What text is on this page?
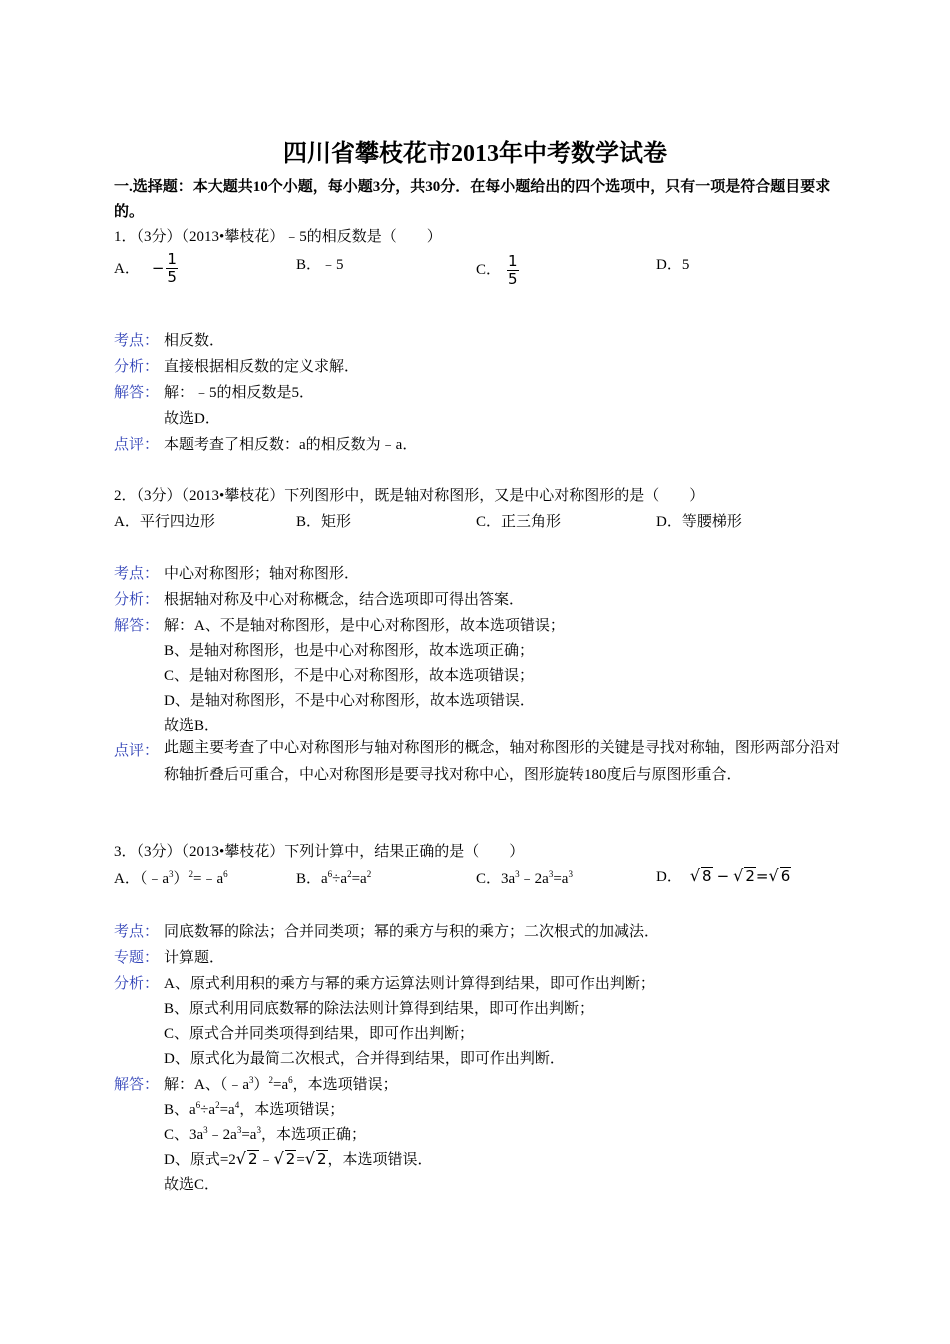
四川省攀枝花市2013年中考数学试卷
一.选择题：本大题共10个小题，每小题3分，共30分．在每小题给出的四个选项中，只有一项是符合题目要求的。
1．（3分）（2013•攀枝花）﹣5的相反数是（　　）
A． − $\frac{1}{5}$	B．﹣5	C． $\frac{1}{5}$	D．5
考点： 相反数．
分析： 直接根据相反数的定义求解．
解答： 解：﹣5的相反数是5．
故选D．
点评： 本题考查了相反数：a的相反数为﹣a．
2．（3分）（2013•攀枝花）下列图形中，既是轴对称图形，又是中心对称图形的是（　　）
A．平行四边形	B．矩形	C．正三角形	D．等腰梯形
考点： 中心对称图形；轴对称图形．
分析： 根据轴对称及中心对称概念，结合选项即可得出答案．
解答： 解：A、不是轴对称图形，是中心对称图形，故本选项错误；
B、是轴对称图形，也是中心对称图形，故本选项正确；
C、是轴对称图形，不是中心对称图形，故本选项错误；
D、是轴对称图形，不是中心对称图形，故本选项错误．
故选B．
点评： 此题主要考查了中心对称图形与轴对称图形的概念，轴对称图形的关键是寻找对称轴，图形两部分沿对称轴折叠后可重合，中心对称图形是要寻找对称中心，图形旋转180度后与原图形重合．
3．（3分）（2013•攀枝花）下列计算中，结果正确的是（　　）
A．$(﹣a^3)^2=﹣a^6$	B．$a^6\div a^2=a^2$	C．$3a^3﹣2a^3=a^3$	D． √ 8 − √ 2=√ 6
考点： 同底数幂的除法；合并同类项；幂的乘方与积的乘方；二次根式的加减法．
专题： 计算题．
分析： A、原式利用积的乘方与幂的乘方运算法则计算得到结果，即可作出判断；
B、原式利用同底数幂的除法法则计算得到结果，即可作出判断；
C、原式合并同类项得到结果，即可作出判断；
D、原式化为最简二次根式，合并得到结果，即可作出判断．
解答： 解：A、$(﹣a^3)^2=a^6$，本选项错误；
B、$a^6\div a^2=a^4$，本选项错误；
C、$3a^3﹣2a^3=a^3$，本选项正确；
D、原式=2√ 2﹣√ 2=√ 2，本选项错误．
故选C．
